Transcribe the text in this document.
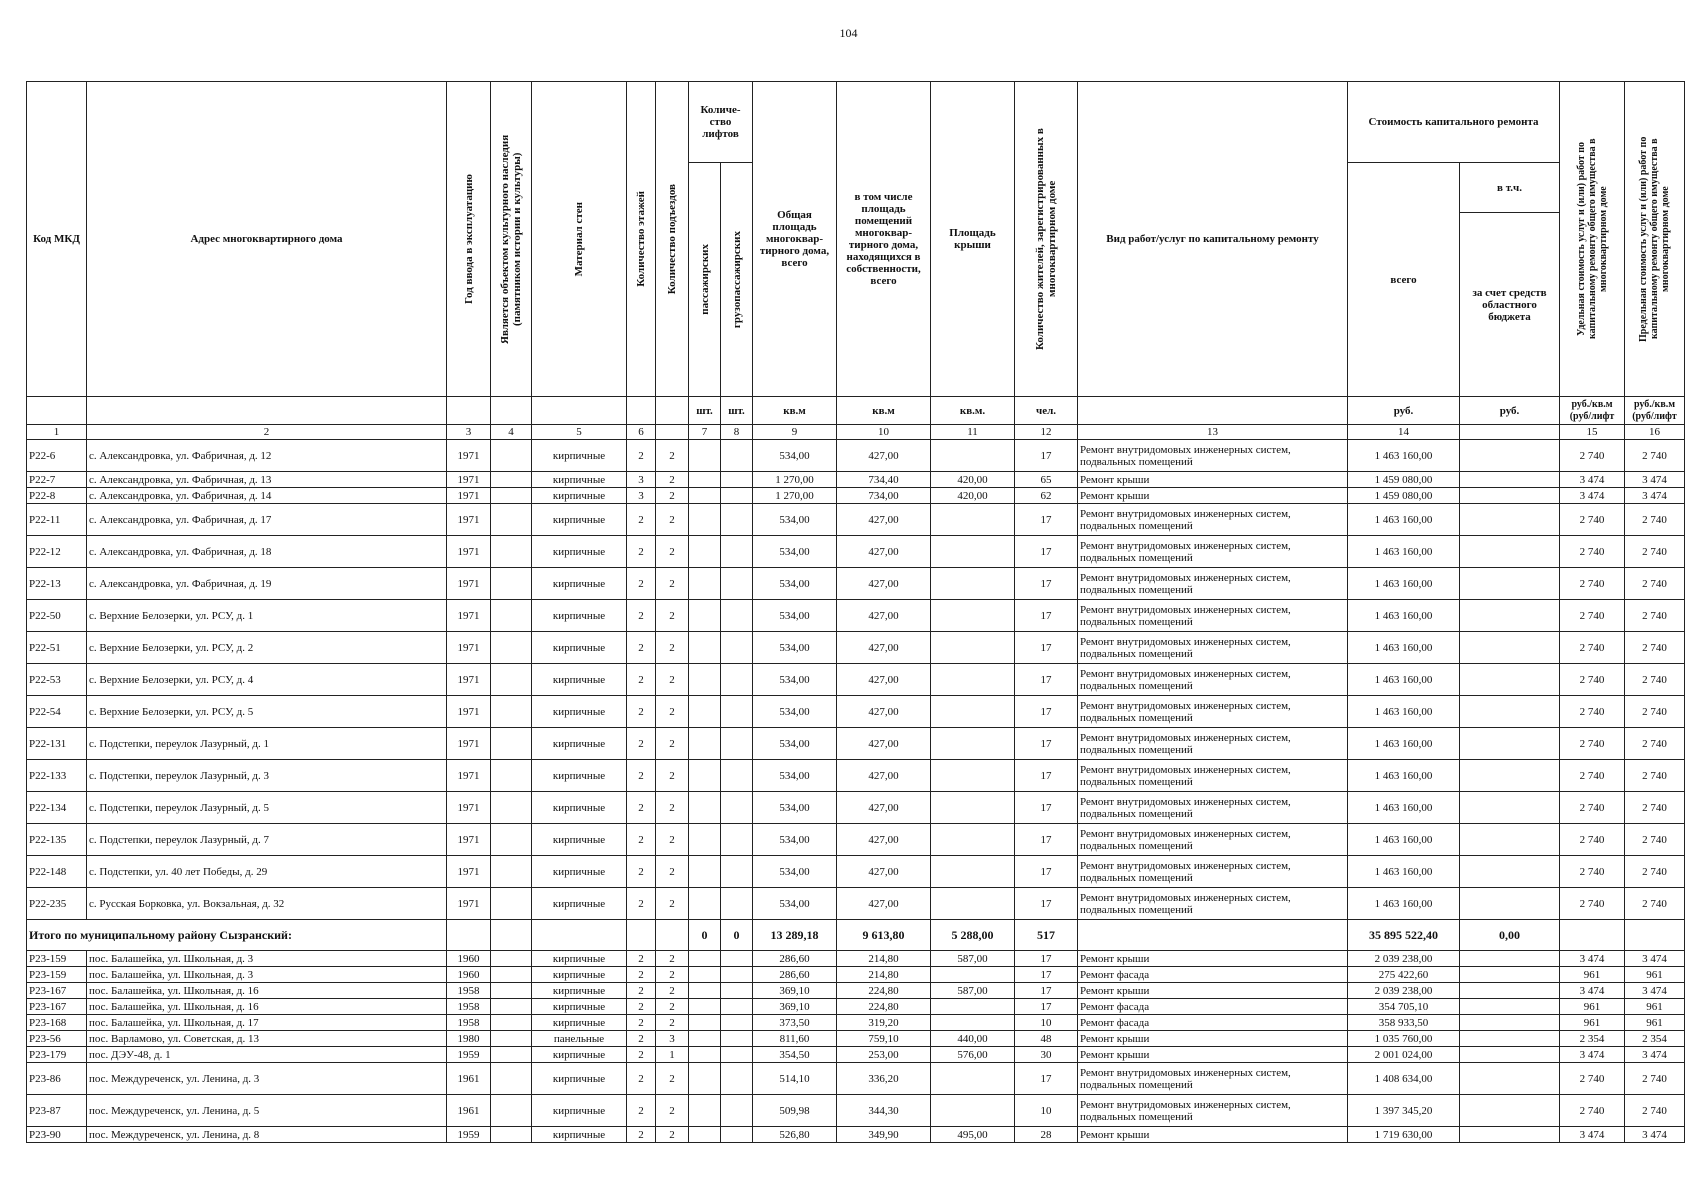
104
Код МКД	Адрес многоквартирного дома	Год ввода в эксплуатацию	Является объектом культурного наследия (памятником истории и культуры)	Материал стен	Количество этажей	Количество подъездов	Количе-ство лифтов		Общая площадь многоквар-тирного дома, всего	в том числе площадь помещений многоквар-тирного дома, находящихся в собственности, всего	Площадь крыши	Количество жителей, зарегистрированных в многоквартирном доме	Вид работ/услуг по капитальному ремонту	Стоимость капитального ремонта		Удельная стоимость услуг и (или) работ по капитальному ремонту общего имущества в многоквартирном доме	Предельная стоимость услуг и (или) работ по капитальному ремонту общего имущества в многоквартирном доме

							пассажирских	грузопассажирских						всего	в т.ч.		
															за счет средств областного бюджета		
							шт.	шт.	кв.м	кв.м	кв.м.	чел.		руб.	руб.	руб./кв.м (руб/лифт	руб./кв.м (руб/лифт
1	2	3	4	5	6		7	8	9	10	11	12	13	14		15	16
Р22-6	с. Александровка, ул. Фабричная, д. 12	1971		кирпичные	2	2			534,00	427,00		17	Ремонт внутридомовых инженерных систем, подвальных помещений	1 463 160,00		2 740	2 740
Р22-7	с. Александровка, ул. Фабричная, д. 13	1971		кирпичные	3	2			1 270,00	734,40	420,00	65	Ремонт крыши	1 459 080,00		3 474	3 474
Р22-8	с. Александровка, ул. Фабричная, д. 14	1971		кирпичные	3	2			1 270,00	734,00	420,00	62	Ремонт крыши	1 459 080,00		3 474	3 474
Р22-11	с. Александровка, ул. Фабричная, д. 17	1971		кирпичные	2	2			534,00	427,00		17	Ремонт внутридомовых инженерных систем, подвальных помещений	1 463 160,00		2 740	2 740
Р22-12	с. Александровка, ул. Фабричная, д. 18	1971		кирпичные	2	2			534,00	427,00		17	Ремонт внутридомовых инженерных систем, подвальных помещений	1 463 160,00		2 740	2 740
Р22-13	с. Александровка, ул. Фабричная, д. 19	1971		кирпичные	2	2			534,00	427,00		17	Ремонт внутридомовых инженерных систем, подвальных помещений	1 463 160,00		2 740	2 740
Р22-50	с. Верхние Белозерки, ул. РСУ, д. 1	1971		кирпичные	2	2			534,00	427,00		17	Ремонт внутридомовых инженерных систем, подвальных помещений	1 463 160,00		2 740	2 740
Р22-51	с. Верхние Белозерки, ул. РСУ, д. 2	1971		кирпичные	2	2			534,00	427,00		17	Ремонт внутридомовых инженерных систем, подвальных помещений	1 463 160,00		2 740	2 740
Р22-53	с. Верхние Белозерки, ул. РСУ, д. 4	1971		кирпичные	2	2			534,00	427,00		17	Ремонт внутридомовых инженерных систем, подвальных помещений	1 463 160,00		2 740	2 740
Р22-54	с. Верхние Белозерки, ул. РСУ, д. 5	1971		кирпичные	2	2			534,00	427,00		17	Ремонт внутридомовых инженерных систем, подвальных помещений	1 463 160,00		2 740	2 740
Р22-131	с. Подстепки, переулок Лазурный, д. 1	1971		кирпичные	2	2			534,00	427,00		17	Ремонт внутридомовых инженерных систем, подвальных помещений	1 463 160,00		2 740	2 740
Р22-133	с. Подстепки, переулок Лазурный, д. 3	1971		кирпичные	2	2			534,00	427,00		17	Ремонт внутридомовых инженерных систем, подвальных помещений	1 463 160,00		2 740	2 740
Р22-134	с. Подстепки, переулок Лазурный, д. 5	1971		кирпичные	2	2			534,00	427,00		17	Ремонт внутридомовых инженерных систем, подвальных помещений	1 463 160,00		2 740	2 740
Р22-135	с. Подстепки, переулок Лазурный, д. 7	1971		кирпичные	2	2			534,00	427,00		17	Ремонт внутридомовых инженерных систем, подвальных помещений	1 463 160,00		2 740	2 740
Р22-148	с. Подстепки, ул. 40 лет Победы, д. 29	1971		кирпичные	2	2			534,00	427,00		17	Ремонт внутридомовых инженерных систем, подвальных помещений	1 463 160,00		2 740	2 740
Р22-235	с. Русская Борковка, ул. Вокзальная, д. 32	1971		кирпичные	2	2			534,00	427,00		17	Ремонт внутридомовых инженерных систем, подвальных помещений	1 463 160,00		2 740	2 740
Итого по муниципальному району Сызранский:							0	0	13 289,18	9 613,80	5 288,00	517		35 895 522,40	0,00		
Р23-159	пос. Балашейка, ул. Школьная, д. 3	1960		кирпичные	2	2			286,60	214,80	587,00	17	Ремонт крыши	2 039 238,00		3 474	3 474
Р23-159	пос. Балашейка, ул. Школьная, д. 3	1960		кирпичные	2	2			286,60	214,80		17	Ремонт фасада	275 422,60		961	961
Р23-167	пос. Балашейка, ул. Школьная, д. 16	1958		кирпичные	2	2			369,10	224,80	587,00	17	Ремонт крыши	2 039 238,00		3 474	3 474
Р23-167	пос. Балашейка, ул. Школьная, д. 16	1958		кирпичные	2	2			369,10	224,80		17	Ремонт фасада	354 705,10		961	961
Р23-168	пос. Балашейка, ул. Школьная, д. 17	1958		кирпичные	2	2			373,50	319,20		10	Ремонт фасада	358 933,50		961	961
Р23-56	пос. Варламово, ул. Советская, д. 13	1980		панельные	2	3			811,60	759,10	440,00	48	Ремонт крыши	1 035 760,00		2 354	2 354
Р23-179	пос. ДЭУ-48, д. 1	1959		кирпичные	2	1			354,50	253,00	576,00	30	Ремонт крыши	2 001 024,00		3 474	3 474
Р23-86	пос. Междуреченск, ул. Ленина, д. 3	1961		кирпичные	2	2			514,10	336,20		17	Ремонт внутридомовых инженерных систем, подвальных помещений	1 408 634,00		2 740	2 740
Р23-87	пос. Междуреченск, ул. Ленина, д. 5	1961		кирпичные	2	2			509,98	344,30		10	Ремонт внутридомовых инженерных систем, подвальных помещений	1 397 345,20		2 740	2 740
Р23-90	пос. Междуреченск, ул. Ленина, д. 8	1959		кирпичные	2	2			526,80	349,90	495,00	28	Ремонт крыши	1 719 630,00		3 474	3 474
